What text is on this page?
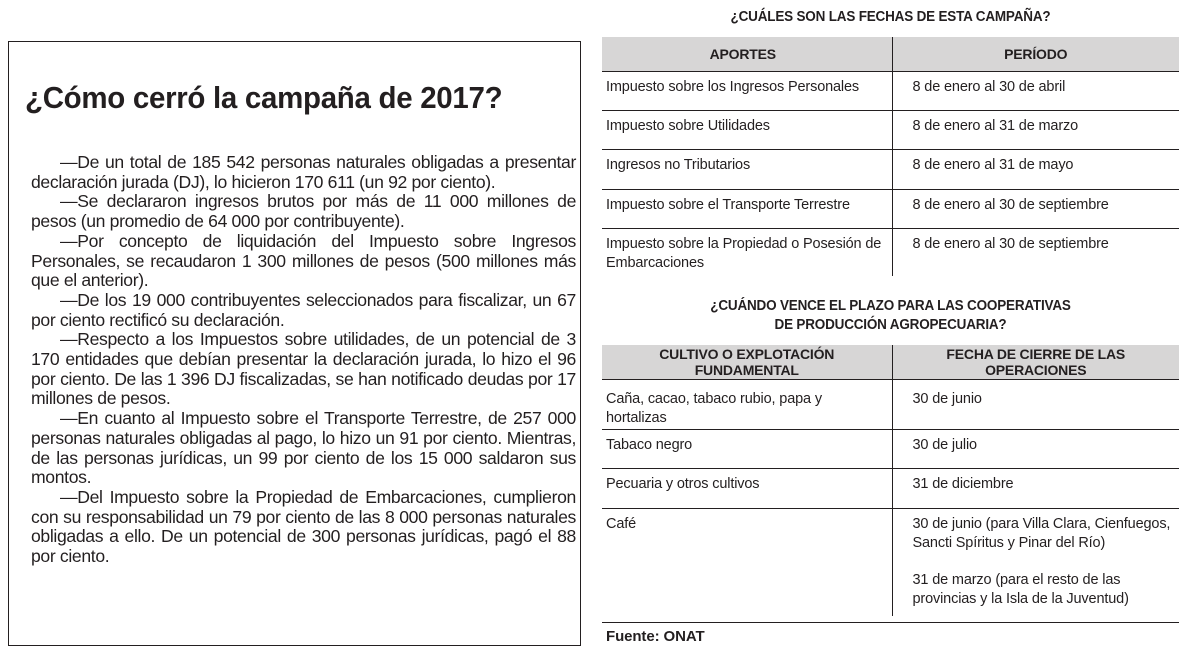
¿Cómo cerró la campaña de 2017?

—De un total de 185 542 personas naturales obligadas a presentar declaración jurada (DJ), lo hicieron 170 611 (un 92 por ciento).

—Se declararon ingresos brutos por más de 11 000 millones de pesos (un promedio de 64 000 por contribuyente).

—Por concepto de liquidación del Impuesto sobre Ingresos Personales, se recaudaron 1 300 millones de pesos (500 millones más que el anterior).

—De los 19 000 contribuyentes seleccionados para fiscalizar, un 67 por ciento rectificó su declaración.

—Respecto a los Impuestos sobre utilidades, de un potencial de 3 170 entidades que debían presentar la declaración jurada, lo hizo el 96 por ciento. De las 1 396 DJ fiscalizadas, se han notificado deudas por 17 millones de pesos.

—En cuanto al Impuesto sobre el Transporte Terrestre, de 257 000 personas naturales obligadas al pago, lo hizo un 91 por ciento. Mientras, de las personas jurídicas, un 99 por ciento de los 15 000 saldaron sus montos.

—Del Impuesto sobre la Propiedad de Embarcaciones, cumplieron con su responsabilidad un 79 por ciento de las 8 000 personas naturales obligadas a ello. De un potencial de 300 personas jurídicas, pagó el 88 por ciento.

¿CUÁLES SON LAS FECHAS DE ESTA CAMPAÑA?
APORTES	PERÍODO
Impuesto sobre los Ingresos Personales	8 de enero al 30 de abril
Impuesto sobre Utilidades	8 de enero al 31 de marzo
Ingresos no Tributarios	8 de enero al 31 de mayo
Impuesto sobre el Transporte Terrestre	8 de enero al 30 de septiembre
Impuesto sobre la Propiedad o Posesión de Embarcaciones	8 de enero al 30 de septiembre
¿CUÁNDO VENCE EL PLAZO PARA LAS COOPERATIVAS
DE PRODUCCIÓN AGROPECUARIA?
CULTIVO O EXPLOTACIÓN FUNDAMENTAL	FECHA DE CIERRE DE LAS OPERACIONES
Caña, cacao, tabaco rubio, papa y hortalizas	30 de junio
Tabaco negro	30 de julio
Pecuaria y otros cultivos	31 de diciembre
Café	30 de junio (para Villa Clara, Cienfuegos, Sancti Spíritus y Pinar del Río)
31 de marzo (para el resto de las provincias y la Isla de la Juventud)
Fuente: ONAT
